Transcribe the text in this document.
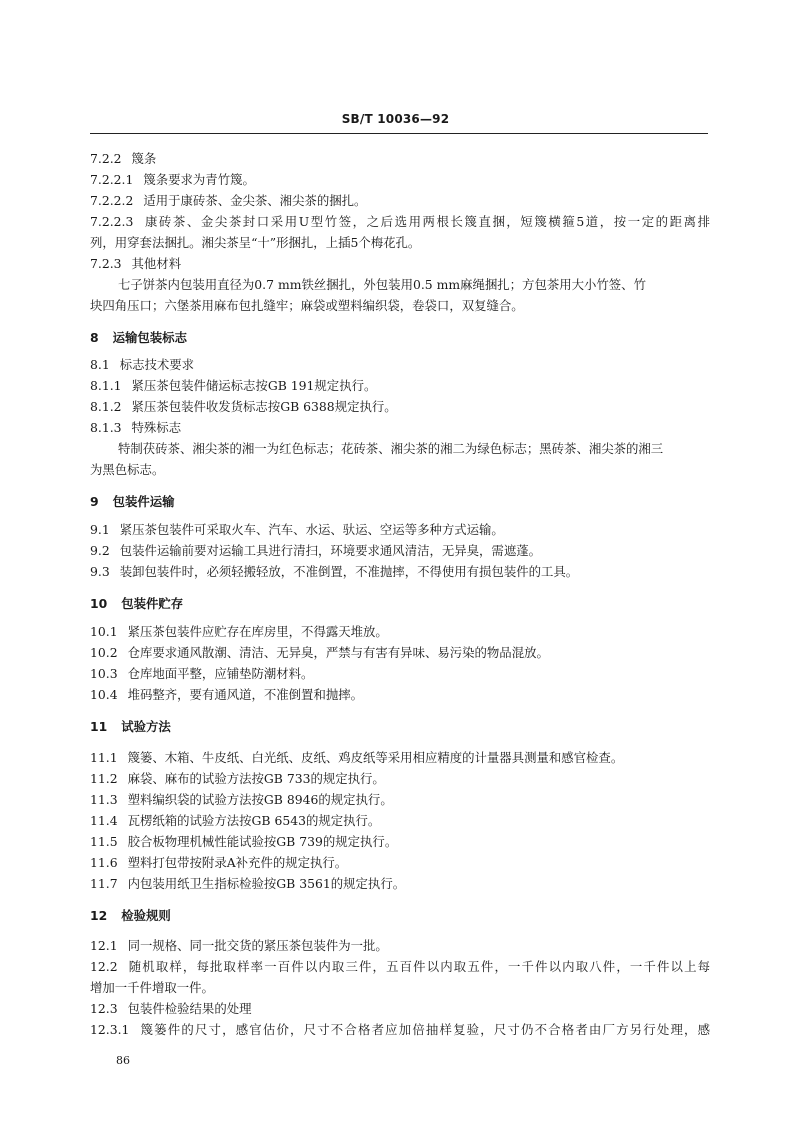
SB/T 10036—92
7.2.2 篾条
7.2.2.1 篾条要求为青竹篾。
7.2.2.2 适用于康砖茶、金尖茶、湘尖茶的捆扎。
7.2.2.3 康砖茶、金尖茶封口采用U型竹签，之后选用两根长篾直捆，短篾横箍5道，按一定的距离排
列，用穿套法捆扎。湘尖茶呈“十”形捆扎，上插5个梅花孔。
7.2.3 其他材料
七子饼茶内包装用直径为0.7 mm铁丝捆扎，外包装用0.5 mm麻绳捆扎；方包茶用大小竹签、竹
块四角压口；六堡茶用麻布包扎缝牢；麻袋或塑料编织袋，卷袋口，双复缝合。
8 运输包装标志
8.1 标志技术要求
8.1.1 紧压茶包装件储运标志按GB 191规定执行。
8.1.2 紧压茶包装件收发货标志按GB 6388规定执行。
8.1.3 特殊标志
特制茯砖茶、湘尖茶的湘一为红色标志；花砖茶、湘尖茶的湘二为绿色标志；黑砖茶、湘尖茶的湘三
为黑色标志。
9 包装件运输
9.1 紧压茶包装件可采取火车、汽车、水运、驮运、空运等多种方式运输。
9.2 包装件运输前要对运输工具进行清扫，环境要求通风清洁，无异臭，需遮蓬。
9.3 装卸包装件时，必须轻搬轻放，不准倒置，不准抛摔，不得使用有损包装件的工具。
10 包装件贮存
10.1 紧压茶包装件应贮存在库房里，不得露天堆放。
10.2 仓库要求通风散潮、清洁、无异臭，严禁与有害有异味、易污染的物品混放。
10.3 仓库地面平整，应铺垫防潮材料。
10.4 堆码整齐，要有通风道，不准倒置和抛摔。
11 试验方法
11.1 篾篓、木箱、牛皮纸、白光纸、皮纸、鸡皮纸等采用相应精度的计量器具测量和感官检查。
11.2 麻袋、麻布的试验方法按GB 733的规定执行。
11.3 塑料编织袋的试验方法按GB 8946的规定执行。
11.4 瓦楞纸箱的试验方法按GB 6543的规定执行。
11.5 胶合板物理机械性能试验按GB 739的规定执行。
11.6 塑料打包带按附录A补充件的规定执行。
11.7 内包装用纸卫生指标检验按GB 3561的规定执行。
12 检验规则
12.1 同一规格、同一批交货的紧压茶包装件为一批。
12.2 随机取样，每批取样率一百件以内取三件，五百件以内取五件，一千件以内取八件，一千件以上每
增加一千件增取一件。
12.3 包装件检验结果的处理
12.3.1 篾篓件的尺寸，感官估价，尺寸不合格者应加倍抽样复验，尺寸仍不合格者由厂方另行处理，感
86
